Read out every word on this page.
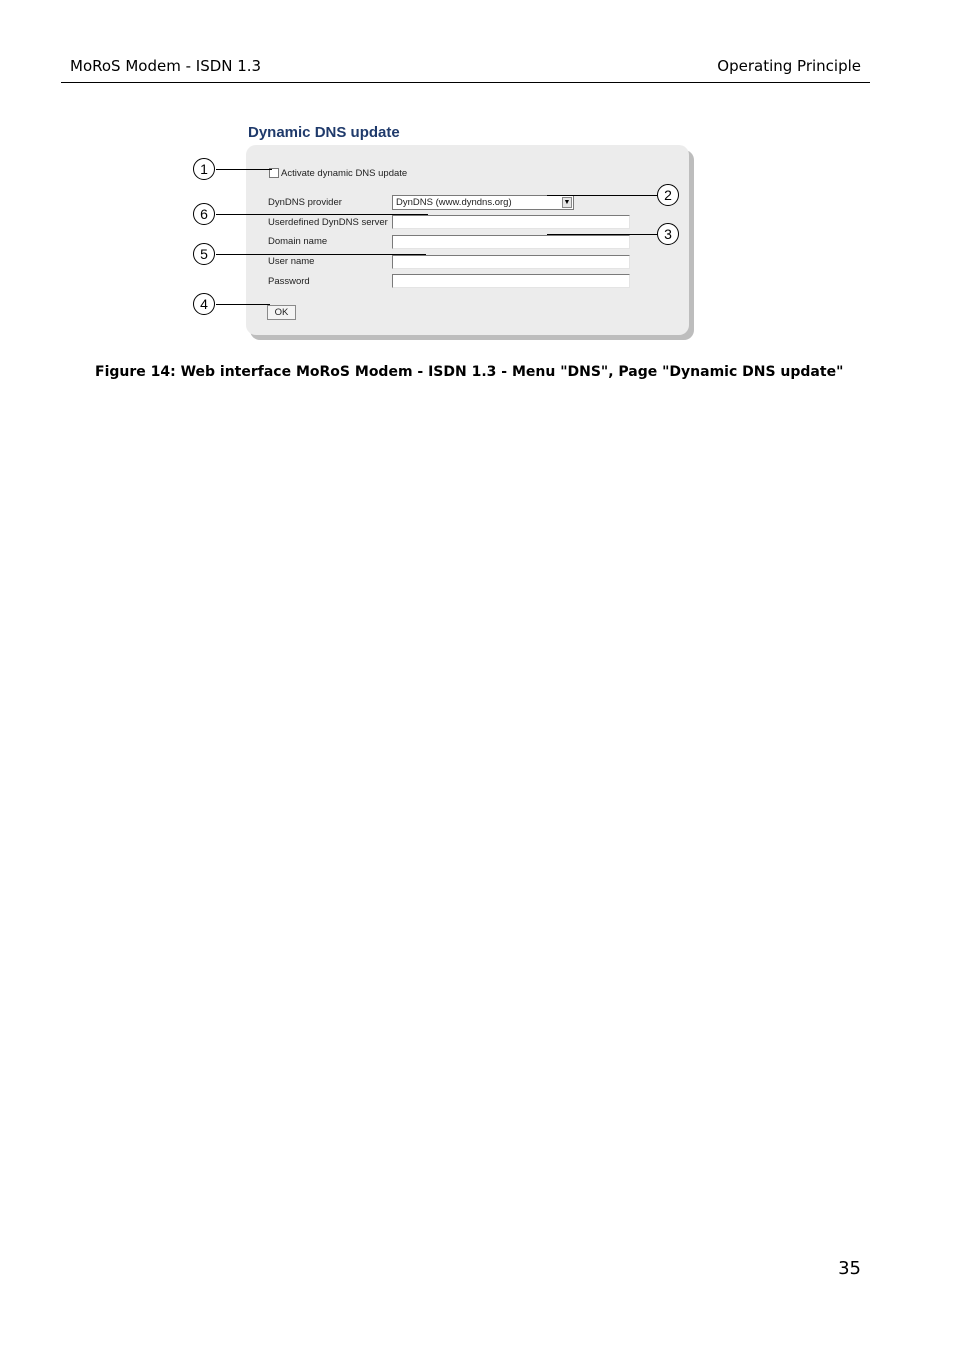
MoRoS Modem - ISDN 1.3	Operating Principle
Dynamic DNS update
Activate dynamic DNS update
DynDNS provider	DynDNS (www.dyndns.org)	▼
Userdefined DynDNS server
Domain name
User name
Password
OK
1
2
3
4
5
6
Figure 14: Web interface MoRoS Modem - ISDN 1.3 - Menu "DNS", Page "Dynamic DNS update"
35
